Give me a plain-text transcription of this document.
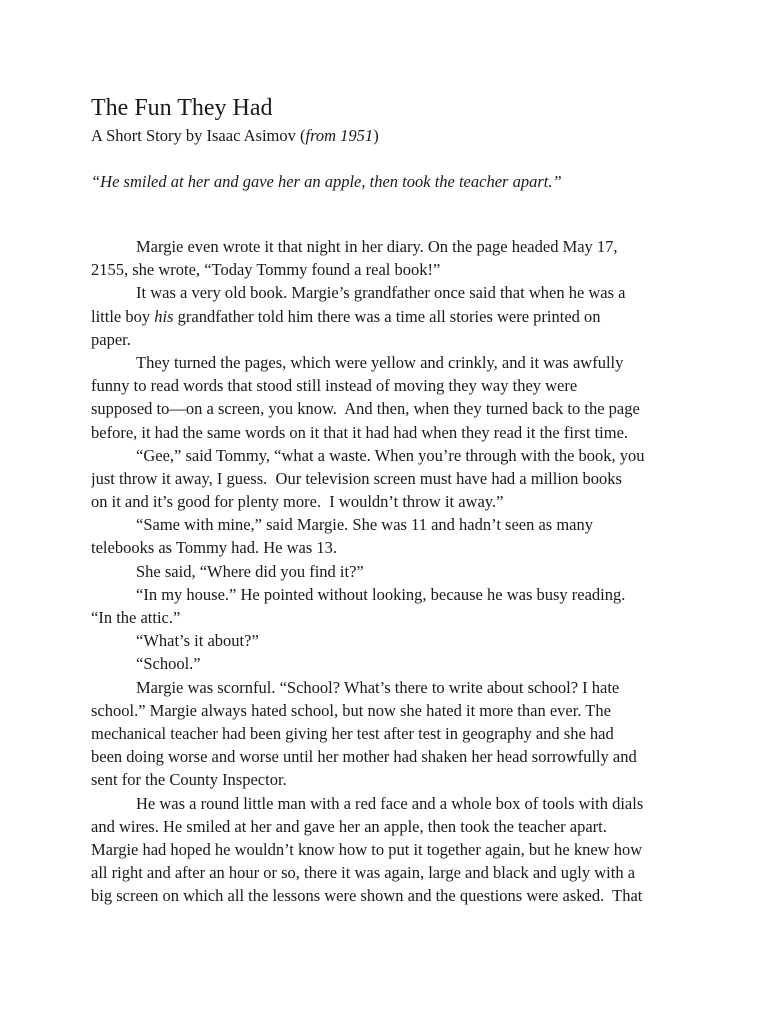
The Fun They Had
A Short Story by Isaac Asimov (from 1951)
“He smiled at her and gave her an apple, then took the teacher apart.”
Margie even wrote it that night in her diary. On the page headed May 17,
2155, she wrote, “Today Tommy found a real book!”
It was a very old book. Margie’s grandfather once said that when he was a
little boy his grandfather told him there was a time all stories were printed on
paper.
They turned the pages, which were yellow and crinkly, and it was awfully
funny to read words that stood still instead of moving they way they were
supposed to—on a screen, you know.  And then, when they turned back to the page
before, it had the same words on it that it had had when they read it the first time.
“Gee,” said Tommy, “what a waste. When you’re through with the book, you
just throw it away, I guess.  Our television screen must have had a million books
on it and it’s good for plenty more.  I wouldn’t throw it away.”
“Same with mine,” said Margie. She was 11 and hadn’t seen as many
telebooks as Tommy had. He was 13.
She said, “Where did you find it?”
“In my house.” He pointed without looking, because he was busy reading.
“In the attic.”
“What’s it about?”
“School.”
Margie was scornful. “School? What’s there to write about school? I hate
school.” Margie always hated school, but now she hated it more than ever. The
mechanical teacher had been giving her test after test in geography and she had
been doing worse and worse until her mother had shaken her head sorrowfully and
sent for the County Inspector.
He was a round little man with a red face and a whole box of tools with dials
and wires. He smiled at her and gave her an apple, then took the teacher apart.
Margie had hoped he wouldn’t know how to put it together again, but he knew how
all right and after an hour or so, there it was again, large and black and ugly with a
big screen on which all the lessons were shown and the questions were asked.  That
